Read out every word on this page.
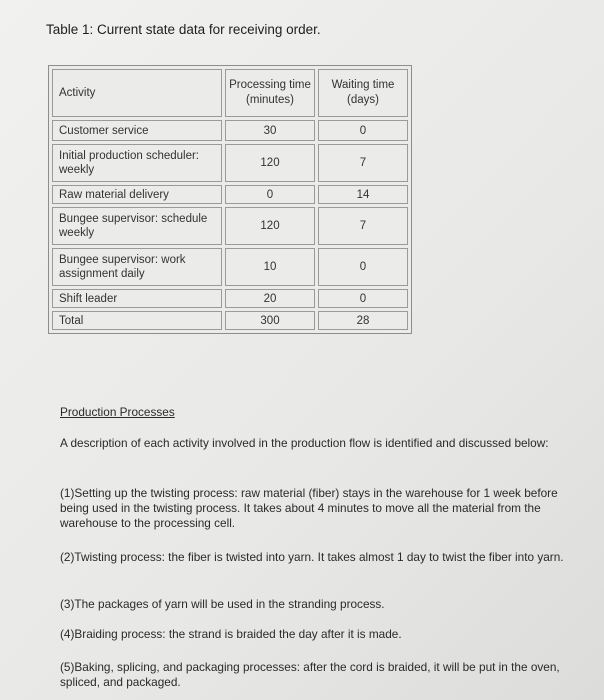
Table 1: Current state data for receiving order.
Activity	Processing time (minutes)	Waiting time (days)
Customer service	30	0
Initial production scheduler: weekly	120	7
Raw material delivery	0	14
Bungee supervisor: schedule weekly	120	7
Bungee supervisor: work assignment daily	10	0
Shift leader	20	0
Total	300	28
Production Processes
A description of each activity involved in the production flow is identified and discussed below:
(1)Setting up the twisting process: raw material (fiber) stays in the warehouse for 1 week before being used in the twisting process. It takes about 4 minutes to move all the material from the warehouse to the processing cell.
(2)Twisting process: the fiber is twisted into yarn. It takes almost 1 day to twist the fiber into yarn.
(3)The packages of yarn will be used in the stranding process.
(4)Braiding process: the strand is braided the day after it is made.
(5)Baking, splicing, and packaging processes: after the cord is braided, it will be put in the oven, spliced, and packaged.
